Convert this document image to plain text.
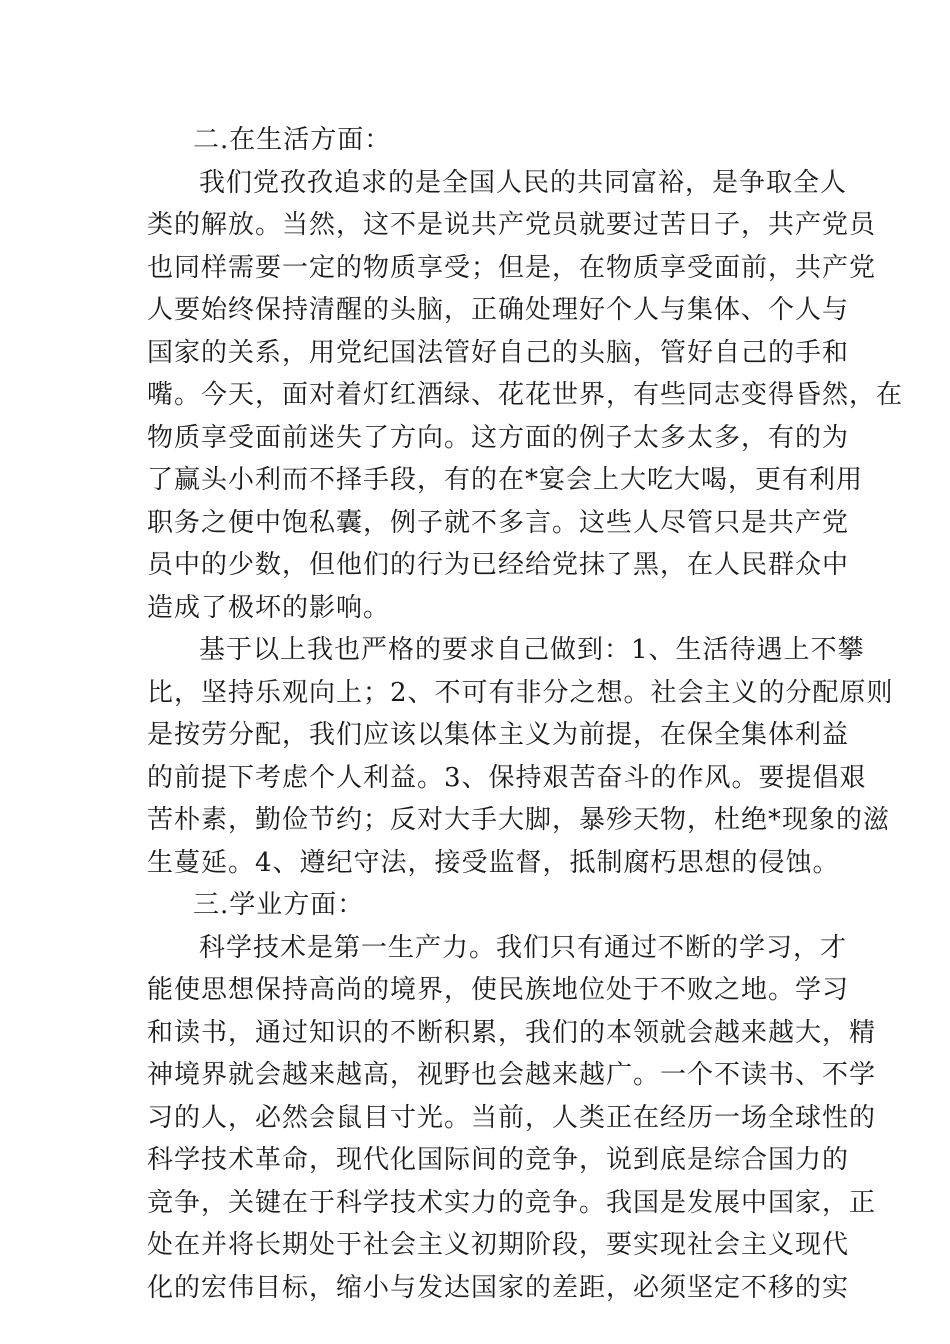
二.在生活方面：
我们党孜孜追求的是全国人民的共同富裕，是争取全人
类的解放。当然，这不是说共产党员就要过苦日子，共产党员
也同样需要一定的物质享受；但是，在物质享受面前，共产党
人要始终保持清醒的头脑，正确处理好个人与集体、个人与
国家的关系，用党纪国法管好自己的头脑，管好自己的手和
嘴。今天，面对着灯红酒绿、花花世界，有些同志变得昏然，在
物质享受面前迷失了方向。这方面的例子太多太多，有的为
了赢头小利而不择手段，有的在*宴会上大吃大喝，更有利用
职务之便中饱私囊，例子就不多言。这些人尽管只是共产党
员中的少数，但他们的行为已经给党抹了黑，在人民群众中
造成了极坏的影响。
基于以上我也严格的要求自己做到：1、生活待遇上不攀
比，坚持乐观向上；2、不可有非分之想。社会主义的分配原则
是按劳分配，我们应该以集体主义为前提，在保全集体利益
的前提下考虑个人利益。3、保持艰苦奋斗的作风。要提倡艰
苦朴素，勤俭节约；反对大手大脚，暴殄天物，杜绝*现象的滋
生蔓延。4、遵纪守法，接受监督，抵制腐朽思想的侵蚀。
三.学业方面：
科学技术是第一生产力。我们只有通过不断的学习，才
能使思想保持高尚的境界，使民族地位处于不败之地。学习
和读书，通过知识的不断积累，我们的本领就会越来越大，精
神境界就会越来越高，视野也会越来越广。一个不读书、不学
习的人，必然会鼠目寸光。当前，人类正在经历一场全球性的
科学技术革命，现代化国际间的竞争，说到底是综合国力的
竞争，关键在于科学技术实力的竞争。我国是发展中国家，正
处在并将长期处于社会主义初期阶段，要实现社会主义现代
化的宏伟目标，缩小与发达国家的差距，必须坚定不移的实
